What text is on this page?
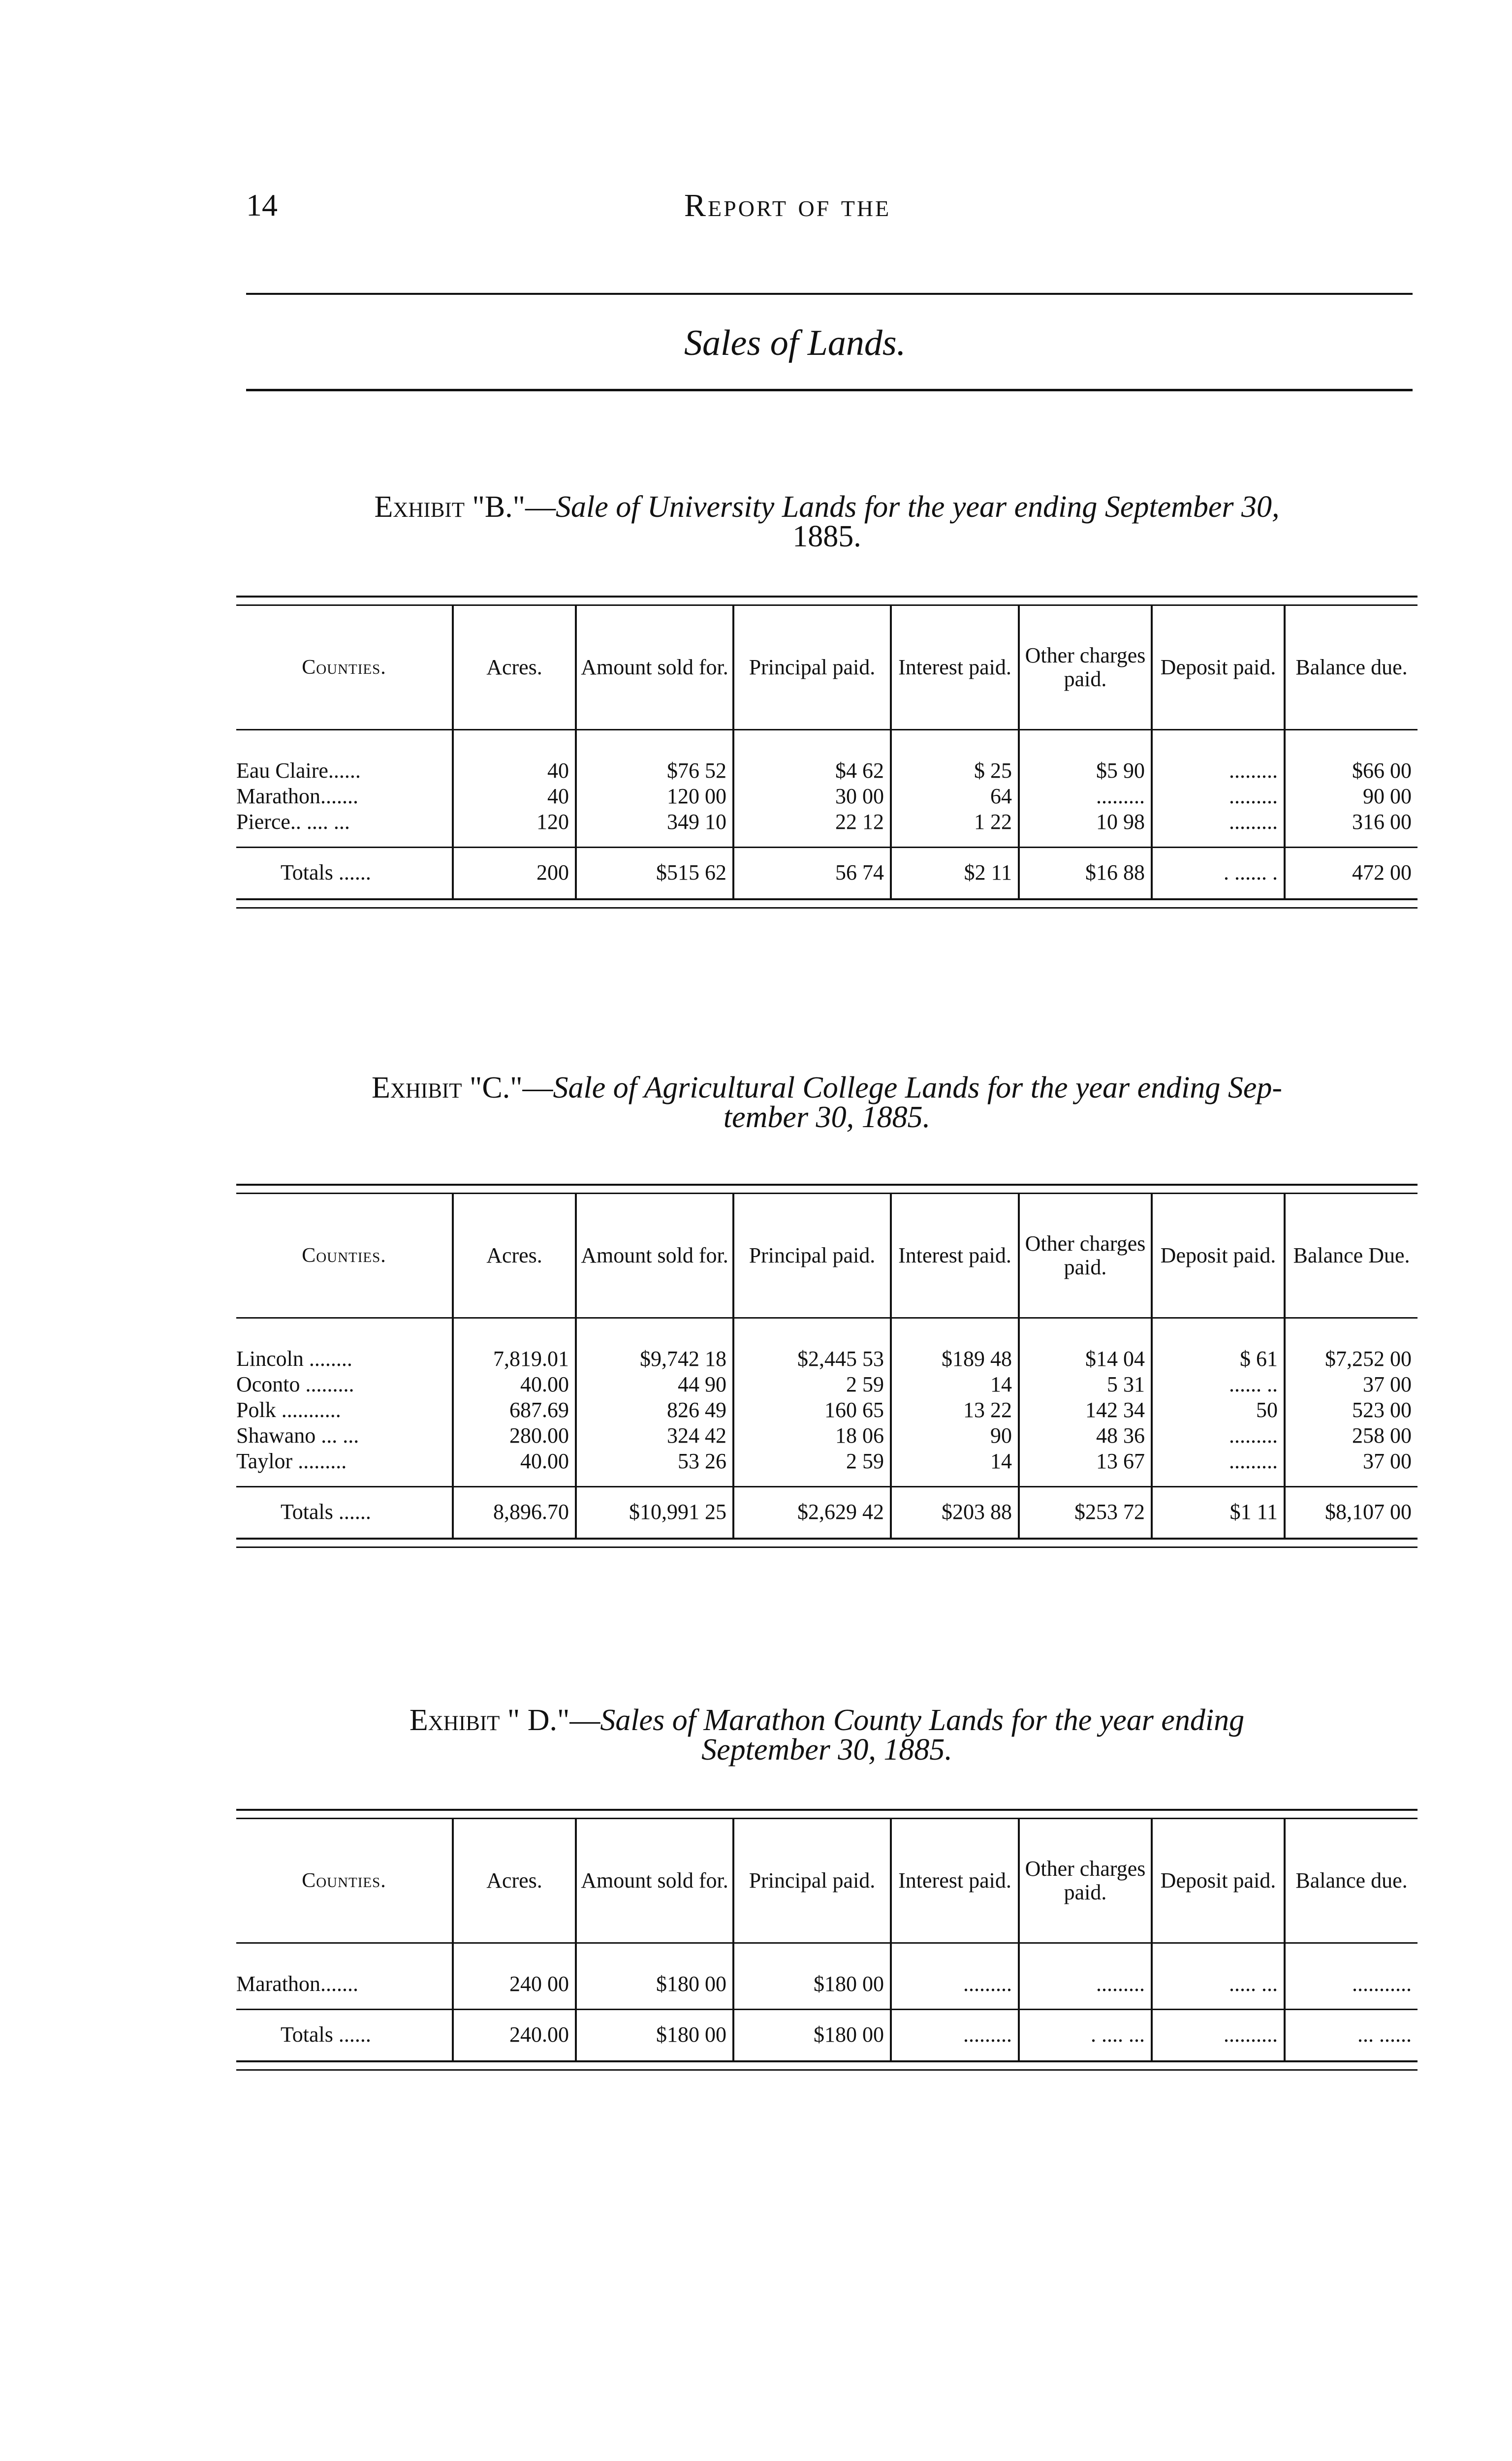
14	Report of the
Sales of Lands.
Exhibit "B."—Sale of University Lands for the year ending September 30,
1885.
Counties.	Acres.	Amount sold for.	Principal paid.	Interest paid.	Other charges paid.	Deposit paid.	Balance due.
Eau Claire......	40	$76 52	$4 62	$ 25	$5 90	.........	$66 00
Marathon.......	40	120 00	30 00	64	.........	.........	90 00
Pierce.. .... ...	120	349 10	22 12	1 22	10 98	.........	316 00
Totals ......	200	$515 62	56 74	$2 11	$16 88	. ...... .	472 00
Exhibit "C."—Sale of Agricultural College Lands for the year ending Sep-
tember 30, 1885.
Counties.	Acres.	Amount sold for.	Principal paid.	Interest paid.	Other charges paid.	Deposit paid.	Balance Due.
Lincoln ........	7,819.01	$9,742 18	$2,445 53	$189 48	$14 04	$ 61	$7,252 00
Oconto .........	40.00	44 90	2 59	14	5 31	...... ..	37 00
Polk ...........	687.69	826 49	160 65	13 22	142 34	50	523 00
Shawano ... ...	280.00	324 42	18 06	90	48 36	.........	258 00
Taylor .........	40.00	53 26	2 59	14	13 67	.........	37 00
Totals ......	8,896.70	$10,991 25	$2,629 42	$203 88	$253 72	$1 11	$8,107 00
Exhibit " D."—Sales of Marathon County Lands for the year ending
September 30, 1885.
Counties.	Acres.	Amount sold for.	Principal paid.	Interest paid.	Other charges paid.	Deposit paid.	Balance due.
Marathon.......	240 00	$180 00	$180 00	.........	.........	..... ...	...........
Totals ......	240.00	$180 00	$180 00	.........	. .... ...	..........	... ......
